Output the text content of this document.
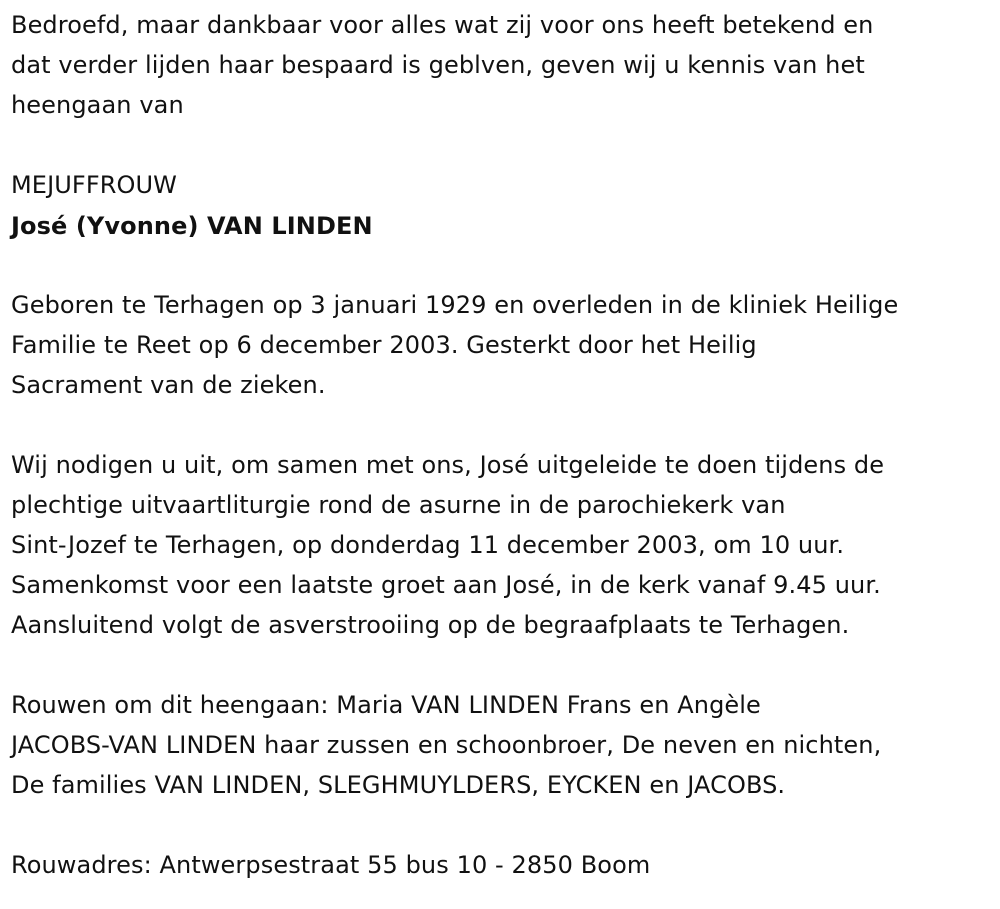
Bedroefd, maar dankbaar voor alles wat zij voor ons heeft betekend en
dat verder lijden haar bespaard is geblven, geven wij u kennis van het
heengaan van
MEJUFFROUW
José (Yvonne) VAN LINDEN
Geboren te Terhagen op 3 januari 1929 en overleden in de kliniek Heilige
Familie te Reet op 6 december 2003. Gesterkt door het Heilig
Sacrament van de zieken.
Wij nodigen u uit, om samen met ons, José uitgeleide te doen tijdens de
plechtige uitvaartliturgie rond de asurne in de parochiekerk van
Sint-Jozef te Terhagen, op donderdag 11 december 2003, om 10 uur.
Samenkomst voor een laatste groet aan José, in de kerk vanaf 9.45 uur.
Aansluitend volgt de asverstrooiing op de begraafplaats te Terhagen.
Rouwen om dit heengaan: Maria VAN LINDEN Frans en Angèle
JACOBS-VAN LINDEN haar zussen en schoonbroer, De neven en nichten,
De families VAN LINDEN, SLEGHMUYLDERS, EYCKEN en JACOBS.
Rouwadres: Antwerpsestraat 55 bus 10 - 2850 Boom
